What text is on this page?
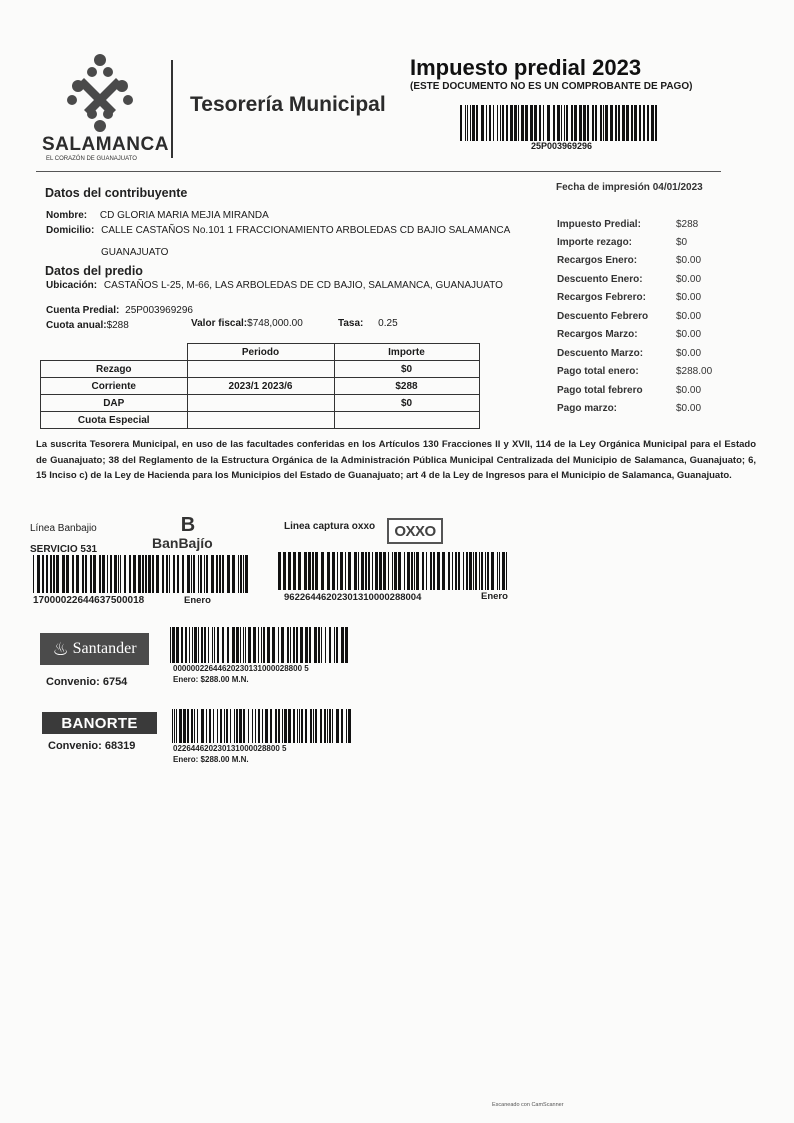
SALAMANCA
EL CORAZÓN DE GUANAJUATO
Tesorería Municipal
Impuesto predial 2023
(ESTE DOCUMENTO NO ES UN COMPROBANTE DE PAGO)
25P003969296
Fecha de impresión 04/01/2023
Impuesto Predial:	$288
Importe rezago:	$0
Recargos Enero:	$0.00
Descuento Enero:	$0.00
Recargos Febrero:	$0.00
Descuento Febrero	$0.00
Recargos Marzo:	$0.00
Descuento Marzo:	$0.00
Pago total enero:	$288.00
Pago total febrero	$0.00
Pago marzo:	$0.00
Datos del contribuyente
Nombre: CD GLORIA MARIA MEJIA MIRANDA
Domicilio: CALLE CASTAÑOS No.101 1 FRACCIONAMIENTO ARBOLEDAS CD BAJIO SALAMANCA
GUANAJUATO
Datos del predio
Ubicación: CASTAÑOS L-25, M-66, LAS ARBOLEDAS DE CD BAJIO, SALAMANCA, GUANAJUATO
Cuenta Predial: 25P003969296
Cuota anual:$288	Valor fiscal:$748,000.00	Tasa: 0.25
	Periodo	Importe
Rezago		$0
Corriente	2023/1 2023/6	$288
DAP		$0
Cuota Especial		
La suscrita Tesorera Municipal, en uso de las facultades conferidas en los Artículos 130 Fracciones II y XVII, 114 de la Ley Orgánica Municipal para el Estado de Guanajuato; 38 del Reglamento de la Estructura Orgánica de la Administración Pública Municipal Centralizada del Municipio de Salamanca, Guanajuato; 6, 15 Inciso c) de la Ley de Hacienda para los Municipios del Estado de Guanajuato; art 4 de la Ley de Ingresos para el Municipio de Salamanca, Guanajuato.
Línea Banbajio
SERVICIO 531
B
BanBajío
17000022644637500018	Enero
Linea captura oxxo	OXXO
96226446202301310000288004	Enero
♨ Santander
Convenio: 6754
00000022644620230131000028800 5
Enero: $288.00 M.N.
BANORTE
Convenio: 68319	022644620230131000028800 5
Enero: $288.00 M.N.
Escaneado con CamScanner
